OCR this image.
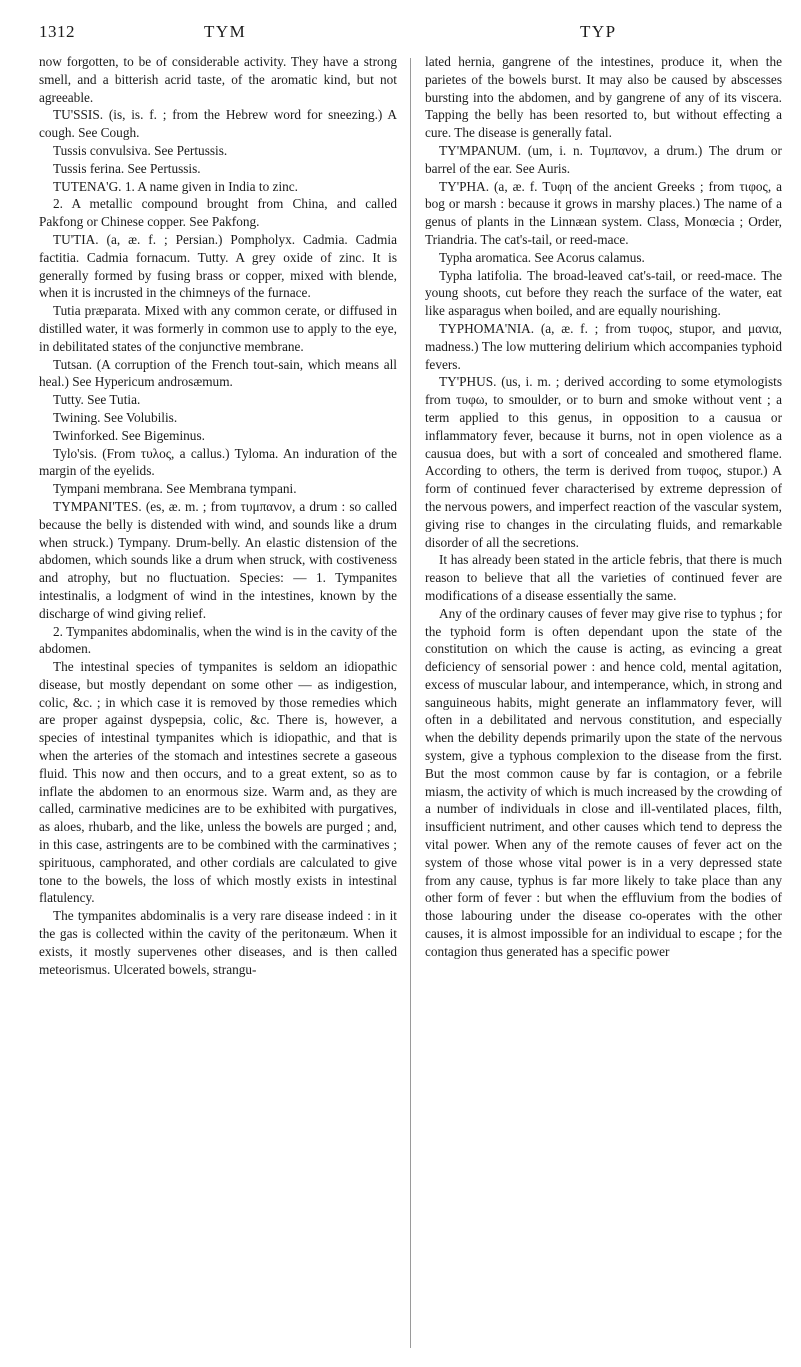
1312	TYM	TYP

now forgotten, to be of considerable activity. They have a strong smell, and a bitterish acrid taste, of the aromatic kind, but not agreeable.

TU'SSIS. (is, is. f. ; from the Hebrew word for sneezing.) A cough. See Cough.

Tussis convulsiva. See Pertussis.

Tussis ferina. See Pertussis.

TUTENA'G. 1. A name given in India to zinc.

2. A metallic compound brought from China, and called Pakfong or Chinese copper. See Pakfong.

TU'TIA. (a, æ. f. ; Persian.) Pompholyx. Cadmia. Cadmia factitia. Cadmia fornacum. Tutty. A grey oxide of zinc. It is generally formed by fusing brass or copper, mixed with blende, when it is incrusted in the chimneys of the furnace.

Tutia præparata. Mixed with any common cerate, or diffused in distilled water, it was formerly in common use to apply to the eye, in debilitated states of the conjunctive membrane.

Tutsan. (A corruption of the French tout-sain, which means all heal.) See Hypericum androsæmum.

Tutty. See Tutia.

Twining. See Volubilis.

Twinforked. See Bigeminus.

Tylo'sis. (From τυλος, a callus.) Tyloma. An induration of the margin of the eyelids.

Tympani membrana. See Membrana tympani.

TYMPANI'TES. (es, æ. m. ; from τυμπανον, a drum : so called because the belly is distended with wind, and sounds like a drum when struck.) Tympany. Drum-belly. An elastic distension of the abdomen, which sounds like a drum when struck, with costiveness and atrophy, but no fluctuation. Species: — 1. Tympanites intestinalis, a lodgment of wind in the intestines, known by the discharge of wind giving relief.

2. Tympanites abdominalis, when the wind is in the cavity of the abdomen.

The intestinal species of tympanites is seldom an idiopathic disease, but mostly dependant on some other — as indigestion, colic, &c. ; in which case it is removed by those remedies which are proper against dyspepsia, colic, &c. There is, however, a species of intestinal tympanites which is idiopathic, and that is when the arteries of the stomach and intestines secrete a gaseous fluid. This now and then occurs, and to a great extent, so as to inflate the abdomen to an enormous size. Warm and, as they are called, carminative medicines are to be exhibited with purgatives, as aloes, rhubarb, and the like, unless the bowels are purged ; and, in this case, astringents are to be combined with the carminatives ; spirituous, camphorated, and other cordials are calculated to give tone to the bowels, the loss of which mostly exists in intestinal flatulency.

The tympanites abdominalis is a very rare disease indeed : in it the gas is collected within the cavity of the peritonæum. When it exists, it mostly supervenes other diseases, and is then called meteorismus. Ulcerated bowels, strangu-

lated hernia, gangrene of the intestines, produce it, when the parietes of the bowels burst. It may also be caused by abscesses bursting into the abdomen, and by gangrene of any of its viscera. Tapping the belly has been resorted to, but without effecting a cure. The disease is generally fatal.

TY'MPANUM. (um, i. n. Τυμπανον, a drum.) The drum or barrel of the ear. See Auris.

TY'PHA. (a, æ. f. Τυφη of the ancient Greeks ; from τιφος, a bog or marsh : because it grows in marshy places.) The name of a genus of plants in the Linnæan system. Class, Monœcia ; Order, Triandria. The cat's-tail, or reed-mace.

Typha aromatica. See Acorus calamus.

Typha latifolia. The broad-leaved cat's-tail, or reed-mace. The young shoots, cut before they reach the surface of the water, eat like asparagus when boiled, and are equally nourishing.

TYPHOMA'NIA. (a, æ. f. ; from τυφος, stupor, and μανια, madness.) The low muttering delirium which accompanies typhoid fevers.

TY'PHUS. (us, i. m. ; derived according to some etymologists from τυφω, to smoulder, or to burn and smoke without vent ; a term applied to this genus, in opposition to a causua or inflammatory fever, because it burns, not in open violence as a causua does, but with a sort of concealed and smothered flame. According to others, the term is derived from τυφος, stupor.) A form of continued fever characterised by extreme depression of the nervous powers, and imperfect reaction of the vascular system, giving rise to changes in the circulating fluids, and remarkable disorder of all the secretions.

It has already been stated in the article febris, that there is much reason to believe that all the varieties of continued fever are modifications of a disease essentially the same.

Any of the ordinary causes of fever may give rise to typhus ; for the typhoid form is often dependant upon the state of the constitution on which the cause is acting, as evincing a great deficiency of sensorial power : and hence cold, mental agitation, excess of muscular labour, and intemperance, which, in strong and sanguineous habits, might generate an inflammatory fever, will often in a debilitated and nervous constitution, and especially when the debility depends primarily upon the state of the nervous system, give a typhous complexion to the disease from the first. But the most common cause by far is contagion, or a febrile miasm, the activity of which is much increased by the crowding of a number of individuals in close and ill-ventilated places, filth, insufficient nutriment, and other causes which tend to depress the vital power. When any of the remote causes of fever act on the system of those whose vital power is in a very depressed state from any cause, typhus is far more likely to take place than any other form of fever : but when the effluvium from the bodies of those labouring under the disease co-operates with the other causes, it is almost impossible for an individual to escape ; for the contagion thus generated has a specific power
